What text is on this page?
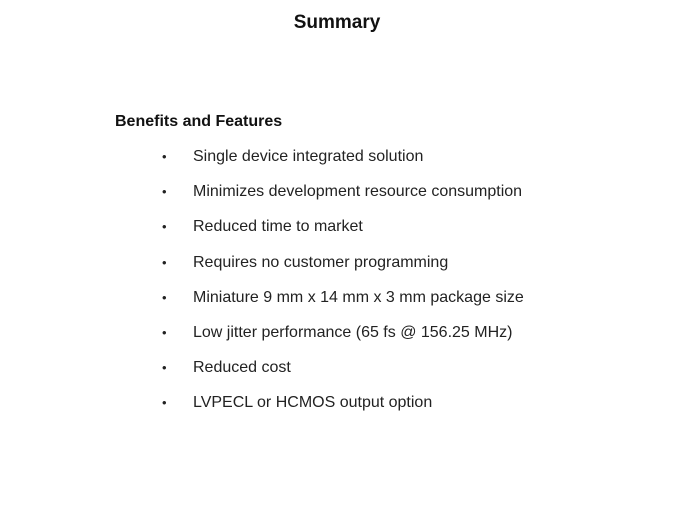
Summary
Benefits and Features
• Single device integrated solution
• Minimizes development resource consumption
• Reduced time to market
• Requires no customer programming
• Miniature 9 mm x 14 mm x 3 mm package size
• Low jitter performance (65 fs @ 156.25 MHz)
• Reduced cost
• LVPECL or HCMOS output option
